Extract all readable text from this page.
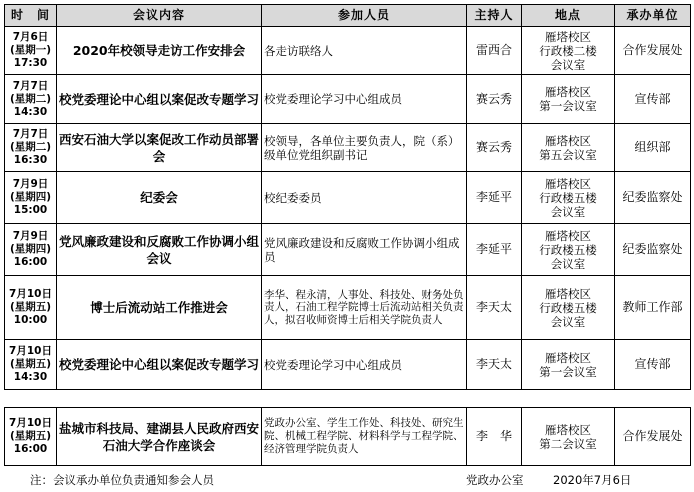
时　间	会议内容	参加人员	主持人	地点	承办单位
7月6日
(星期一)
17:30	2020年校领导走访工作安排会	各走访联络人	雷西合	雁塔校区
行政楼二楼
会议室	合作发展处
7月7日
(星期二)
14:30	校党委理论中心组以案促改专题学习	校党委理论学习中心组成员	赛云秀	雁塔校区
第一会议室	宣传部
7月7日
(星期二)
16:30	西安石油大学以案促改工作动员部署会	校领导，各单位主要负责人，院（系）级单位党组织副书记	赛云秀	雁塔校区
第五会议室	组织部
7月9日
(星期四)
15:00	纪委会	校纪委委员	李延平	雁塔校区
行政楼五楼
会议室	纪委监察处
7月9日
(星期四)
16:00	党风廉政建设和反腐败工作协调小组会议	党风廉政建设和反腐败工作协调小组成员	李延平	雁塔校区
行政楼五楼
会议室	纪委监察处
7月10日
(星期五)
10:00	博士后流动站工作推进会	李华、程永清，人事处、科技处、财务处负责人，石油工程学院博士后流动站相关负责人，拟召收师资博士后相关学院负责人	李天太	雁塔校区
行政楼五楼
会议室	教师工作部
7月10日
(星期五)
14:30	校党委理论中心组以案促改专题学习	校党委理论学习中心组成员	李天太	雁塔校区
第一会议室	宣传部
7月10日
(星期五)
16:00	盐城市科技局、建湖县人民政府西安石油大学合作座谈会	党政办公室、学生工作处、科技处、研究生院、机械工程学院、材料科学与工程学院、经济管理学院负责人	李　华	雁塔校区
第二会议室	合作发展处
注：会议承办单位负责通知参会人员	党政办公室	2020年7月6日
